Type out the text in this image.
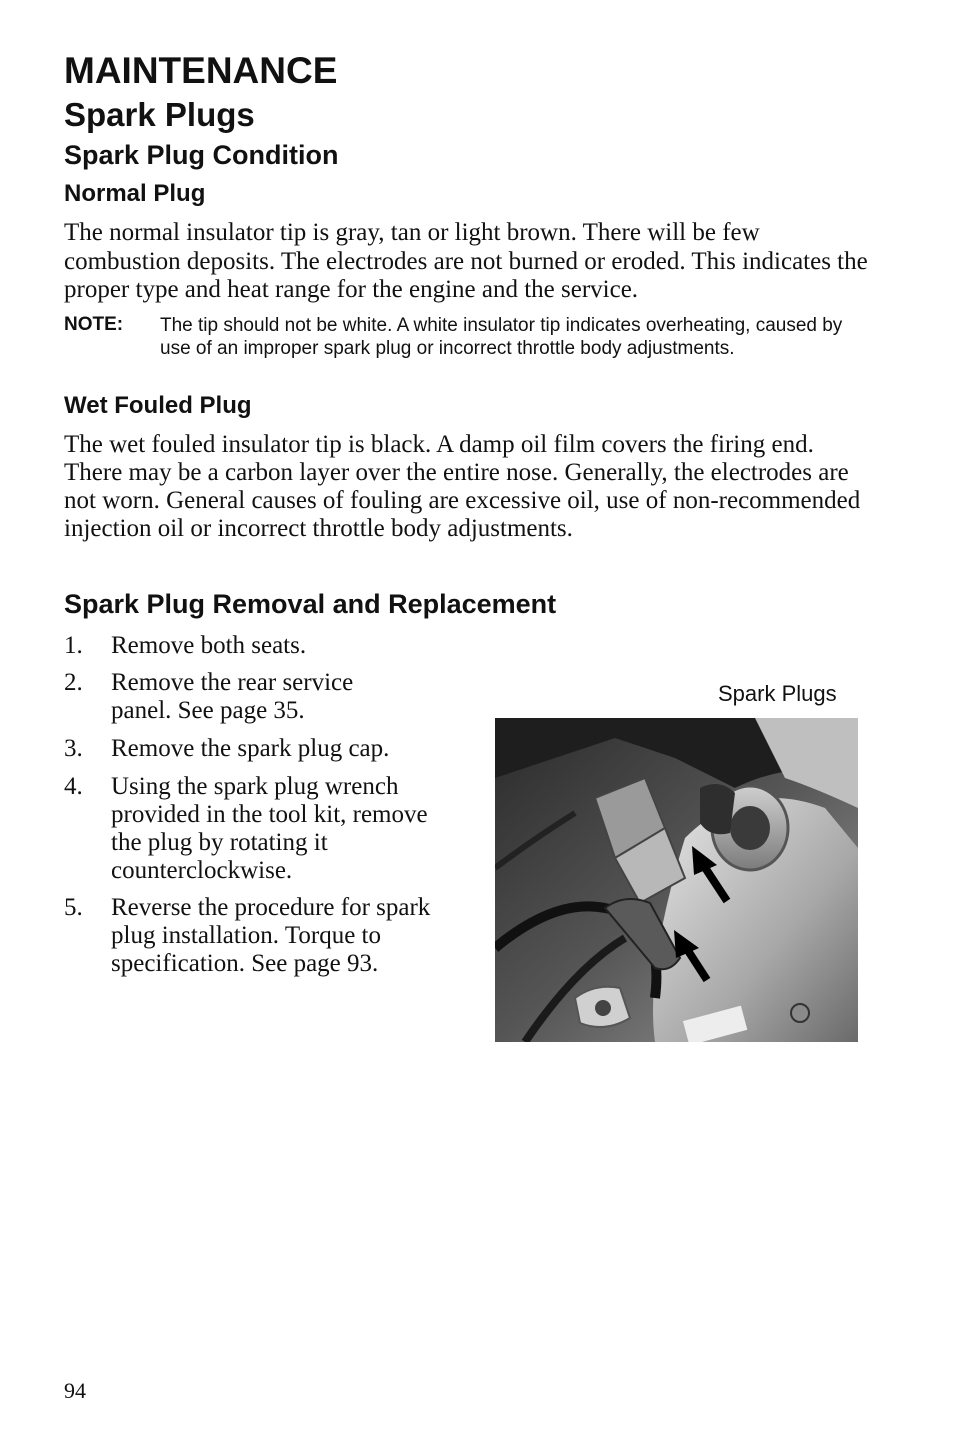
MAINTENANCE
Spark Plugs
Spark Plug Condition
Normal Plug
The normal insulator tip is gray, tan or light brown. There will be few combustion deposits. The electrodes are not burned or eroded. This indicates the proper type and heat range for the engine and the service.
NOTE: The tip should not be white. A white insulator tip indicates overheating, caused by use of an improper spark plug or incorrect throttle body adjustments.
Wet Fouled Plug
The wet fouled insulator tip is black. A damp oil film covers the firing end. There may be a carbon layer over the entire nose. Generally, the electrodes are not worn. General causes of fouling are excessive oil, use of non-recommended injection oil or incorrect throttle body adjustments.
Spark Plug Removal and Replacement
1. Remove both seats.
2. Remove the rear service panel. See page 35.
3. Remove the spark plug cap.
4. Using the spark plug wrench provided in the tool kit, remove the plug by rotating it counterclockwise.
5. Reverse the procedure for spark plug installation. Torque to specification. See page 93.
Spark Plugs
94
